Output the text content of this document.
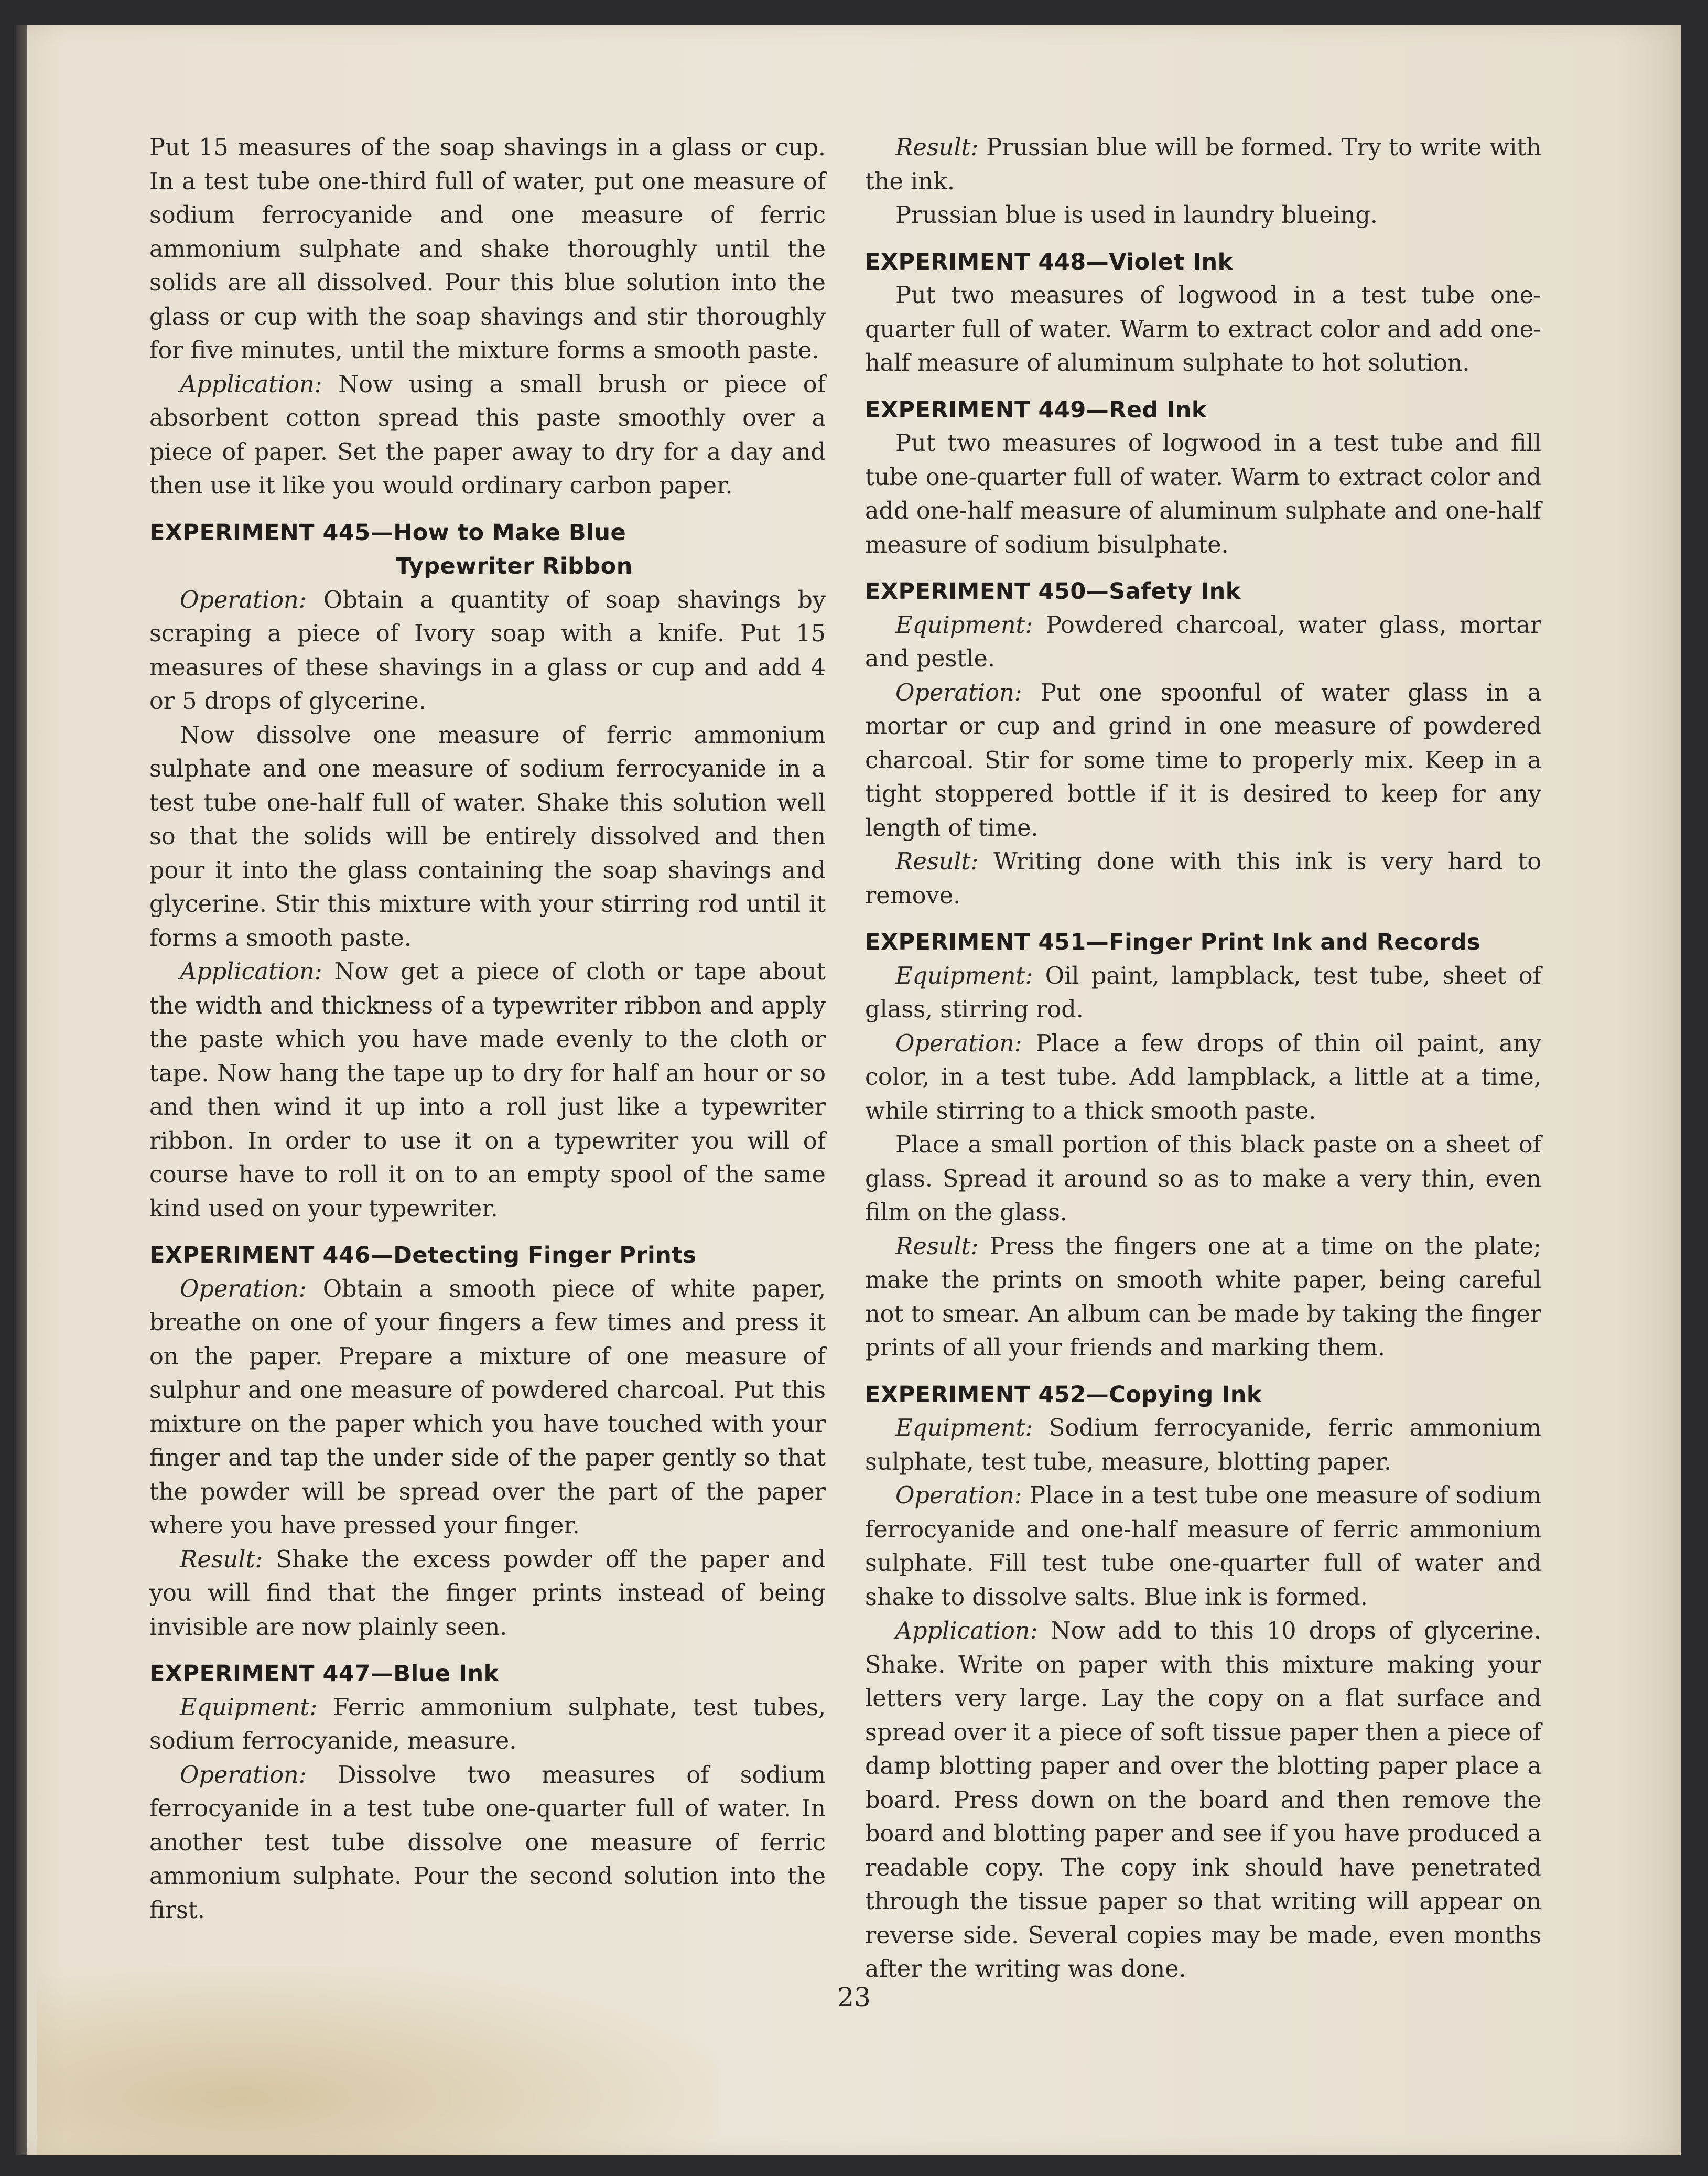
Put 15 measures of the soap shavings in a glass or cup. In a test tube one-third full of water, put one measure of sodium ferrocyanide and one measure of ferric ammonium sulphate and shake thoroughly until the solids are all dissolved. Pour this blue solution into the glass or cup with the soap shavings and stir thoroughly for five minutes, until the mixture forms a smooth paste.

Application: Now using a small brush or piece of absorbent cotton spread this paste smoothly over a piece of paper. Set the paper away to dry for a day and then use it like you would ordinary carbon paper.

EXPERIMENT 445—How to Make Blue
Typewriter Ribbon

Operation: Obtain a quantity of soap shavings by scraping a piece of Ivory soap with a knife. Put 15 measures of these shavings in a glass or cup and add 4 or 5 drops of glycerine.

Now dissolve one measure of ferric ammonium sulphate and one measure of sodium ferrocyanide in a test tube one-half full of water. Shake this solution well so that the solids will be entirely dissolved and then pour it into the glass containing the soap shavings and glycerine. Stir this mixture with your stirring rod until it forms a smooth paste.

Application: Now get a piece of cloth or tape about the width and thickness of a typewriter ribbon and apply the paste which you have made evenly to the cloth or tape. Now hang the tape up to dry for half an hour or so and then wind it up into a roll just like a typewriter ribbon. In order to use it on a typewriter you will of course have to roll it on to an empty spool of the same kind used on your typewriter.

EXPERIMENT 446—Detecting Finger Prints

Operation: Obtain a smooth piece of white paper, breathe on one of your fingers a few times and press it on the paper. Prepare a mixture of one measure of sulphur and one measure of powdered charcoal. Put this mixture on the paper which you have touched with your finger and tap the under side of the paper gently so that the powder will be spread over the part of the paper where you have pressed your finger.

Result: Shake the excess powder off the paper and you will find that the finger prints instead of being invisible are now plainly seen.

EXPERIMENT 447—Blue Ink

Equipment: Ferric ammonium sulphate, test tubes, sodium ferrocyanide, measure.

Operation: Dissolve two measures of sodium ferrocyanide in a test tube one-quarter full of water. In another test tube dissolve one measure of ferric ammonium sulphate. Pour the second solution into the first.

Result: Prussian blue will be formed. Try to write with the ink.

Prussian blue is used in laundry blueing.

EXPERIMENT 448—Violet Ink

Put two measures of logwood in a test tube one-quarter full of water. Warm to extract color and add one-half measure of aluminum sulphate to hot solution.

EXPERIMENT 449—Red Ink

Put two measures of logwood in a test tube and fill tube one-quarter full of water. Warm to extract color and add one-half measure of aluminum sulphate and one-half measure of sodium bisulphate.

EXPERIMENT 450—Safety Ink

Equipment: Powdered charcoal, water glass, mortar and pestle.

Operation: Put one spoonful of water glass in a mortar or cup and grind in one measure of powdered charcoal. Stir for some time to properly mix. Keep in a tight stoppered bottle if it is desired to keep for any length of time.

Result: Writing done with this ink is very hard to remove.

EXPERIMENT 451—Finger Print Ink and Records

Equipment: Oil paint, lampblack, test tube, sheet of glass, stirring rod.

Operation: Place a few drops of thin oil paint, any color, in a test tube. Add lampblack, a little at a time, while stirring to a thick smooth paste.

Place a small portion of this black paste on a sheet of glass. Spread it around so as to make a very thin, even film on the glass.

Result: Press the fingers one at a time on the plate; make the prints on smooth white paper, being careful not to smear. An album can be made by taking the finger prints of all your friends and marking them.

EXPERIMENT 452—Copying Ink

Equipment: Sodium ferrocyanide, ferric ammonium sulphate, test tube, measure, blotting paper.

Operation: Place in a test tube one measure of sodium ferrocyanide and one-half measure of ferric ammonium sulphate. Fill test tube one-quarter full of water and shake to dissolve salts. Blue ink is formed.

Application: Now add to this 10 drops of glycerine. Shake. Write on paper with this mixture making your letters very large. Lay the copy on a flat surface and spread over it a piece of soft tissue paper then a piece of damp blotting paper and over the blotting paper place a board. Press down on the board and then remove the board and blotting paper and see if you have produced a readable copy. The copy ink should have penetrated through the tissue paper so that writing will appear on reverse side. Several copies may be made, even months after the writing was done.

23
